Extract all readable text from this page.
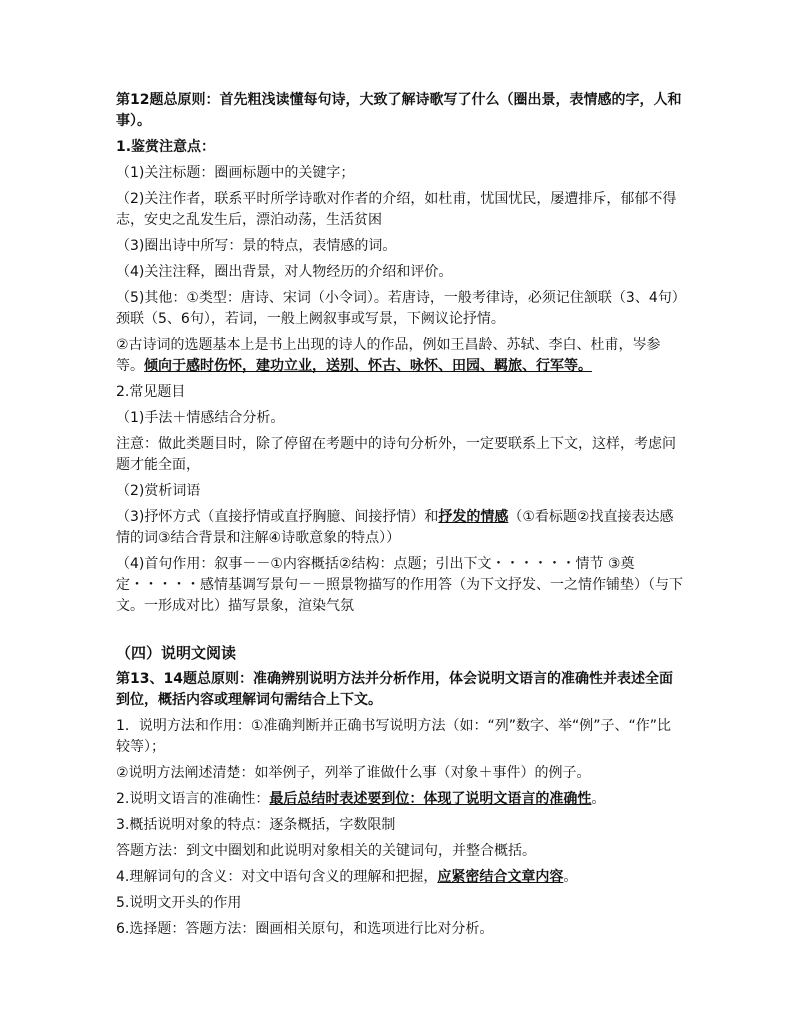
第12题总原则：首先粗浅读懂每句诗，大致了解诗歌写了什么（圈出景，表情感的字，人和事）。

1.鉴赏注意点：

（1)关注标题：圈画标题中的关键字；

（2)关注作者，联系平时所学诗歌对作者的介绍，如杜甫，忧国忧民，屡遭排斥，郁郁不得志，安史之乱发生后，漂泊动荡，生活贫困

（3)圈出诗中所写：景的特点，表情感的词。

（4)关注注释，圈出背景，对人物经历的介绍和评价。

（5)其他：①类型：唐诗、宋词（小令词）。若唐诗，一般考律诗，必须记住颔联（3、4句）颈联（5、6句），若词，一般上阙叙事或写景，下阙议论抒情。

②古诗词的选题基本上是书上出现的诗人的作品，例如王昌龄、苏轼、李白、杜甫，岑参等。倾向于感时伤怀，建功立业，送别、怀古、咏怀、田园、羁旅、行军等。

2.常见题目

（1)手法＋情感结合分析。

注意：做此类题目时，除了停留在考题中的诗句分析外，一定要联系上下文，这样，考虑问题才能全面，

（2)赏析词语

（3)抒怀方式（直接抒情或直抒胸臆、间接抒情）和抒发的情感（①看标题②找直接表达感情的词③结合背景和注解④诗歌意象的特点））

（4)首句作用：叙事－－①内容概括②结构：点题；引出下文・・・・・・情节 ③奠定・・・・・感情基调写景句－－照景物描写的作用答（为下文抒发、一之情作铺垫）（与下文。一形成对比）描写景象，渲染气氛

（四）说明文阅读

第13、14题总原则：准确辨别说明方法并分析作用，体会说明文语言的准确性并表述全面到位，概括内容或理解词句需结合上下文。

1．说明方法和作用：①准确判断并正确书写说明方法（如：“列”数字、举“例”子、“作”比较等）；

②说明方法阐述清楚：如举例子，列举了谁做什么事（对象＋事件）的例子。

2.说明文语言的准确性：最后总结时表述要到位：体现了说明文语言的准确性。

3.概括说明对象的特点：逐条概括，字数限制

答题方法：到文中圈划和此说明对象相关的关键词句，并整合概括。

4.理解词句的含义：对文中语句含义的理解和把握，应紧密结合文章内容。

5.说明文开头的作用

6.选择题：答题方法：圈画相关原句，和选项进行比对分析。
